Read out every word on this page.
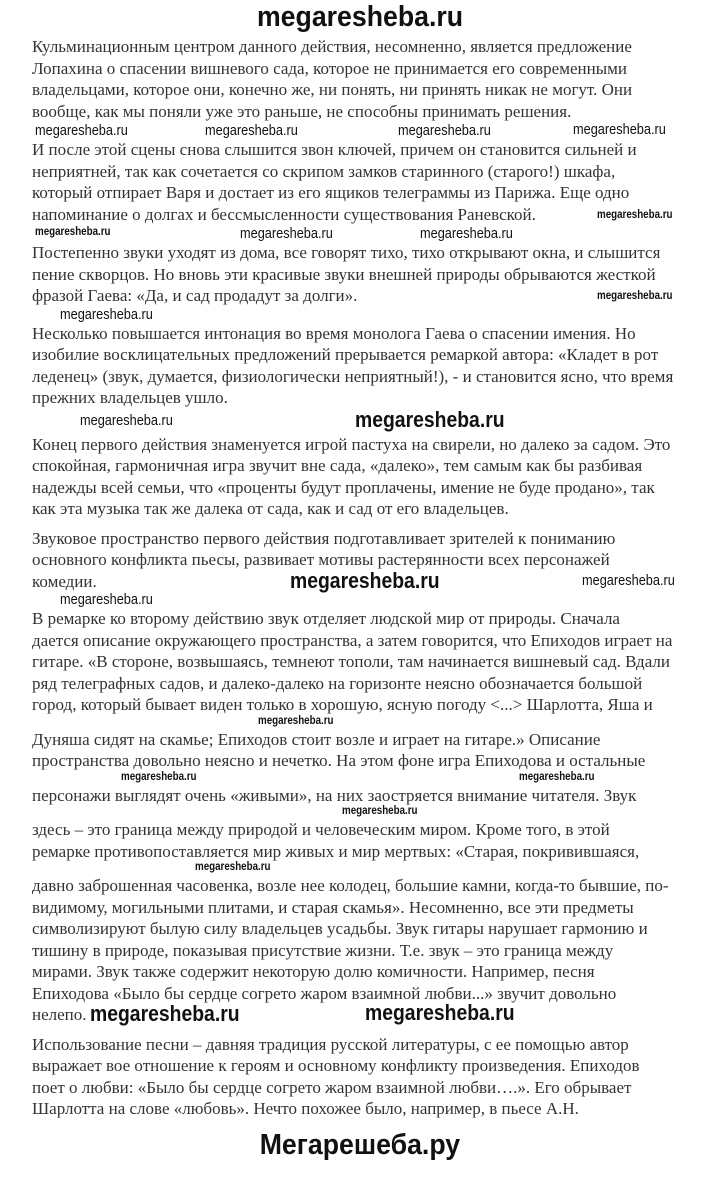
megaresheba.ru
Кульминационным центром данного действия, несомненно, является предложение
Лопахина о спасении вишневого сада, которое не принимается его современными
владельцами, которое они, конечно же, ни понять, ни принять никак не могут. Они
вообще, как мы поняли уже это раньше, не способны принимать решения.
megaresheba.ru	megaresheba.ru	megaresheba.ru	megaresheba.ru
И после этой сцены снова слышится звон ключей, причем он становится сильней и
неприятней, так как сочетается со скрипом замков старинного (старого!) шкафа,
который отпирает Варя и достает из его ящиков телеграммы из Парижа. Еще одно
напоминание о долгах и бессмысленности существования Раневской.	megaresheba.ru
megaresheba.ru	megaresheba.ru	megaresheba.ru
Постепенно звуки уходят из дома, все говорят тихо, тихо открывают окна, и слышится
пение скворцов. Но вновь эти красивые звуки внешней природы обрываются жесткой
фразой Гаева: «Да, и сад продадут за долги».	megaresheba.ru
megaresheba.ru
Несколько повышается интонация во время монолога Гаева о спасении имения. Но
изобилие восклицательных предложений прерывается ремаркой автора: «Кладет в рот
леденец» (звук, думается, физиологически неприятный!), - и становится ясно, что время
прежних владельцев ушло.
megaresheba.ru	megaresheba.ru
Конец первого действия знаменуется игрой пастуха на свирели, но далеко за садом. Это
спокойная, гармоничная игра звучит вне сада, «далеко», тем самым как бы разбивая
надежды всей семьи, что «проценты будут проплачены, имение не буде продано», так
как эта музыка так же далека от сада, как и сад от его владельцев.
Звуковое пространство первого действия подготавливает зрителей к пониманию
основного конфликта пьесы, развивает мотивы растерянности всех персонажей
комедии.	megaresheba.ru	megaresheba.ru
megaresheba.ru
В ремарке ко второму действию звук отделяет людской мир от природы. Сначала
дается описание окружающего пространства, а затем говорится, что Епиходов играет на
гитаре. «В стороне, возвышаясь, темнеют тополи, там начинается вишневый сад. Вдали
ряд телеграфных садов, и далеко-далеко на горизонте неясно обозначается большой
город, который бывает виден только в хорошую, ясную погоду <...> Шарлотта, Яша и
megaresheba.ru
Дуняша сидят на скамье; Епиходов стоит возле и играет на гитаре.» Описание
пространства довольно неясно и нечетко. На этом фоне игра Епиходова и остальные
megaresheba.ru	megaresheba.ru
персонажи выглядят очень «живыми», на них заостряется внимание читателя. Звук
megaresheba.ru
здесь – это граница между природой и человеческим миром. Кроме того, в этой
ремарке противопоставляется мир живых и мир мертвых: «Старая, покривившаяся,
megaresheba.ru
давно заброшенная часовенка, возле нее колодец, большие камни, когда-то бывшие, по-
видимому, могильными плитами, и старая скамья». Несомненно, все эти предметы
символизируют былую силу владельцев усадьбы. Звук гитары нарушает гармонию и
тишину в природе, показывая присутствие жизни. Т.е. звук – это граница между
мирами. Звук также содержит некоторую долю комичности. Например, песня
Епиходова «Было бы сердце согрето жаром взаимной любви...» звучит довольно
нелепо. megaresheba.ru	megaresheba.ru
Использование песни – давняя традиция русской литературы, с ее помощью автор
выражает вое отношение к героям и основному конфликту произведения. Епиходов
поет о любви: «Было бы сердце согрето жаром взаимной любви….». Его обрывает
Шарлотта на слове «любовь». Нечто похожее было, например, в пьесе А.Н.
Мегарешеба.ру
